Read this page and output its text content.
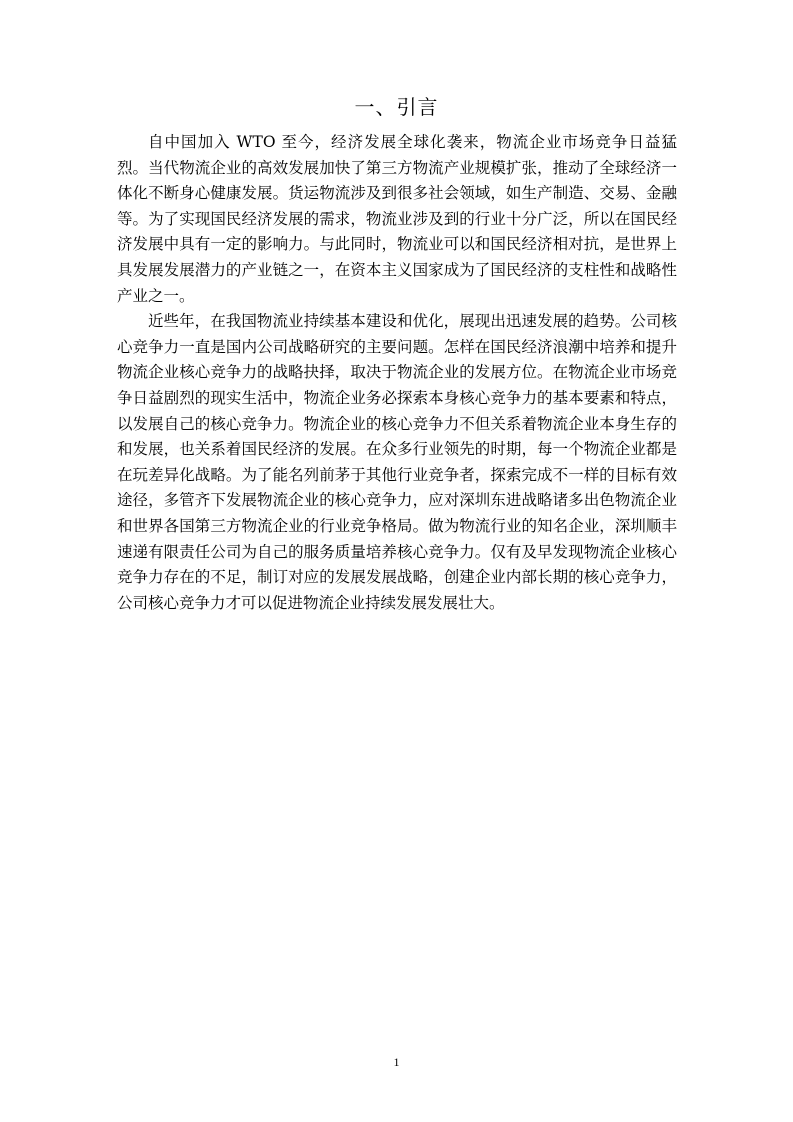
一、引言

自中国加入 WTO 至今，经济发展全球化袭来，物流企业市场竞争日益猛烈。当代物流企业的高效发展加快了第三方物流产业规模扩张，推动了全球经济一体化不断身心健康发展。货运物流涉及到很多社会领域，如生产制造、交易、金融等。为了实现国民经济发展的需求，物流业涉及到的行业十分广泛，所以在国民经济发展中具有一定的影响力。与此同时，物流业可以和国民经济相对抗，是世界上具发展发展潜力的产业链之一，在资本主义国家成为了国民经济的支柱性和战略性产业之一。

近些年，在我国物流业持续基本建设和优化，展现出迅速发展的趋势。公司核心竞争力一直是国内公司战略研究的主要问题。怎样在国民经济浪潮中培养和提升物流企业核心竞争力的战略抉择，取决于物流企业的发展方位。在物流企业市场竞争日益剧烈的现实生活中，物流企业务必探索本身核心竞争力的基本要素和特点，以发展自己的核心竞争力。物流企业的核心竞争力不但关系着物流企业本身生存的和发展，也关系着国民经济的发展。在众多行业领先的时期，每一个物流企业都是在玩差异化战略。为了能名列前茅于其他行业竞争者，探索完成不一样的目标有效途径，多管齐下发展物流企业的核心竞争力，应对深圳东进战略诸多出色物流企业和世界各国第三方物流企业的行业竞争格局。做为物流行业的知名企业，深圳顺丰速递有限责任公司为自己的服务质量培养核心竞争力。仅有及早发现物流企业核心竞争力存在的不足，制订对应的发展发展战略，创建企业内部长期的核心竞争力，公司核心竞争力才可以促进物流企业持续发展发展壮大。

1
